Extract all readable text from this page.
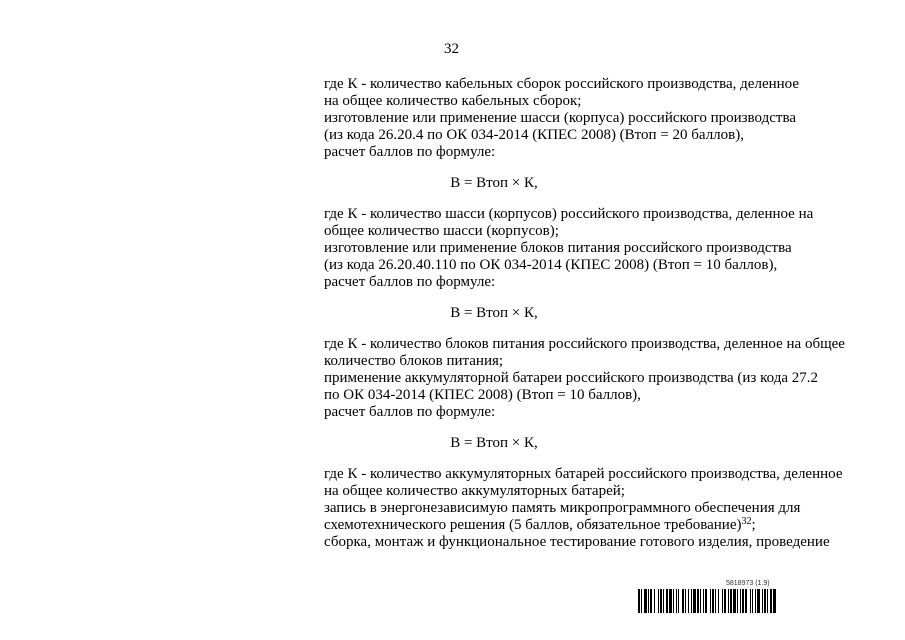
32
где К - количество кабельных сборок российского производства, деленное
на общее количество кабельных сборок;
изготовление или применение шасси (корпуса) российского производства
(из кода 26.20.4 по ОК 034-2014 (КПЕС 2008) (Втоп = 20 баллов),
расчет баллов по формуле:
В = Втоп × К,
где К - количество шасси (корпусов) российского производства, деленное на
общее количество шасси (корпусов);
изготовление или применение блоков питания российского производства
(из кода 26.20.40.110 по ОК 034-2014 (КПЕС 2008) (Втоп = 10 баллов),
расчет баллов по формуле:
В = Втоп × К,
где К - количество блоков питания российского производства, деленное на общее
количество блоков питания;
применение аккумуляторной батареи российского производства (из кода 27.2
по ОК 034-2014 (КПЕС 2008) (Втоп = 10 баллов),
расчет баллов по формуле:
В = Втоп × К,
где К - количество аккумуляторных батарей российского производства, деленное
на общее количество аккумуляторных батарей;
запись в энергонезависимую память микропрограммного обеспечения для
схемотехнического решения (5 баллов, обязательное требование)$^{32}$;
сборка, монтаж и функциональное тестирование готового изделия, проведение
5818973 (1.9)
